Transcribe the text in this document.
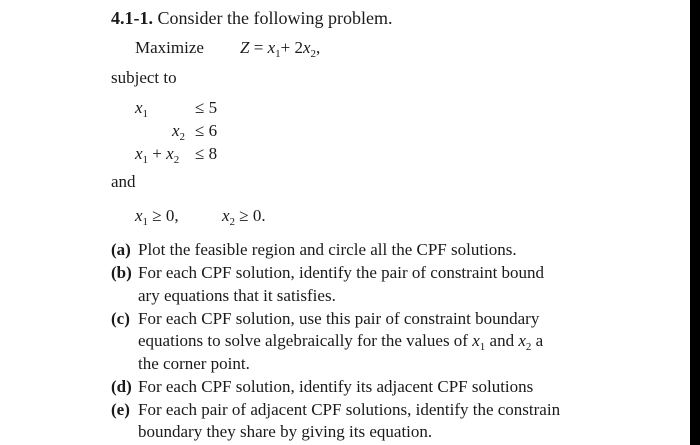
4.1-1. Consider the following problem.
Maximize $Z = x_1+ 2x_2$,
subject to
$x_1$	≤ 5
$x_2 \le 6$
$x_1 + x_2 \le 8$
and
$x_1 \ge 0$,	$x_2 \ge 0$.
(a) Plot the feasible region and circle all the CPF solutions.
(b) For each CPF solution, identify the pair of constraint bound
ary equations that it satisfies.
(c) For each CPF solution, use this pair of constraint boundary
equations to solve algebraically for the values of $x_1$ and $x_2$ a
the corner point.
(d) For each CPF solution, identify its adjacent CPF solutions
(e) For each pair of adjacent CPF solutions, identify the constrain
boundary they share by giving its equation.
